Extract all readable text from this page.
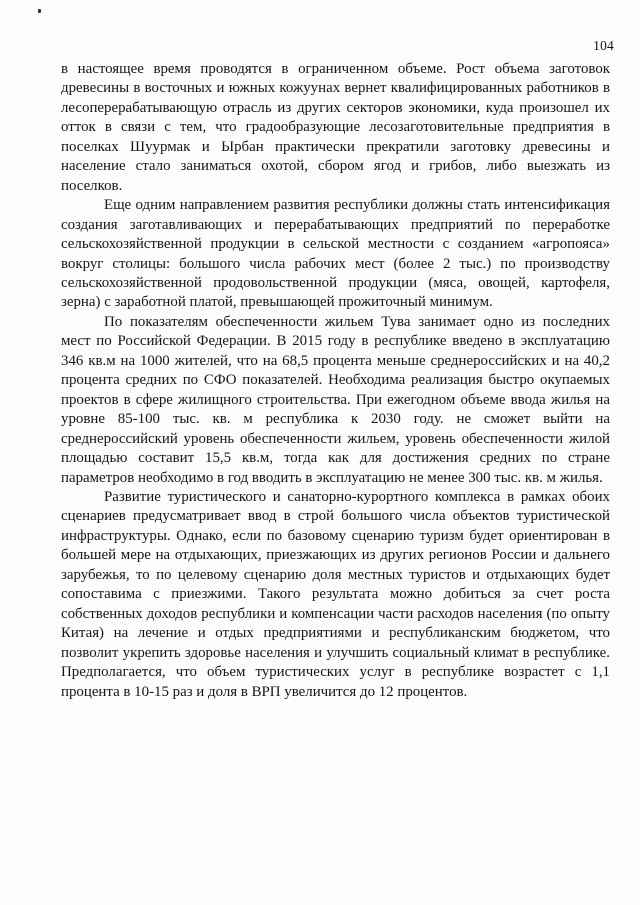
104

в настоящее время проводятся в ограниченном объеме. Рост объема заготовок древесины в восточных и южных кожуунах вернет квалифицированных работников в лесоперерабатывающую отрасль из других секторов экономики, куда произошел их отток в связи с тем, что градообразующие лесозаготовительные предприятия в поселках Шуурмак и Ырбан практически прекратили заготовку древесины и население стало заниматься охотой, сбором ягод и грибов, либо выезжать из поселков.

Еще одним направлением развития республики должны стать интенсификация создания заготавливающих и перерабатывающих предприятий по переработке сельскохозяйственной продукции в сельской местности с созданием «агропояса» вокруг столицы: большого числа рабочих мест (более 2 тыс.) по производству сельскохозяйственной продовольственной продукции (мяса, овощей, картофеля, зерна) с заработной платой, превышающей прожиточный минимум.

По показателям обеспеченности жильем Тува занимает одно из последних мест по Российской Федерации. В 2015 году в республике введено в эксплуатацию 346 кв.м на 1000 жителей, что на 68,5 процента меньше среднероссийских и на 40,2 процента средних по СФО показателей. Необходима реализация быстро окупаемых проектов в сфере жилищного строительства. При ежегодном объеме ввода жилья на уровне 85-100 тыс. кв. м республика к 2030 году. не сможет выйти на среднероссийский уровень обеспеченности жильем, уровень обеспеченности жилой площадью составит 15,5 кв.м, тогда как для достижения средних по стране параметров необходимо в год вводить в эксплуатацию не менее 300 тыс. кв. м жилья.

Развитие туристического и санаторно-курортного комплекса в рамках обоих сценариев предусматривает ввод в строй большого числа объектов туристической инфраструктуры. Однако, если по базовому сценарию туризм будет ориентирован в большей мере на отдыхающих, приезжающих из других регионов России и дальнего зарубежья, то по целевому сценарию доля местных туристов и отдыхающих будет сопоставима с приезжими. Такого результата можно добиться за счет роста собственных доходов республики и компенсации части расходов населения (по опыту Китая) на лечение и отдых предприятиями и республиканским бюджетом, что позволит укрепить здоровье населения и улучшить социальный климат в республике. Предполагается, что объем туристических услуг в республике возрастет с 1,1 процента в 10-15 раз и доля в ВРП увеличится до 12 процентов.
